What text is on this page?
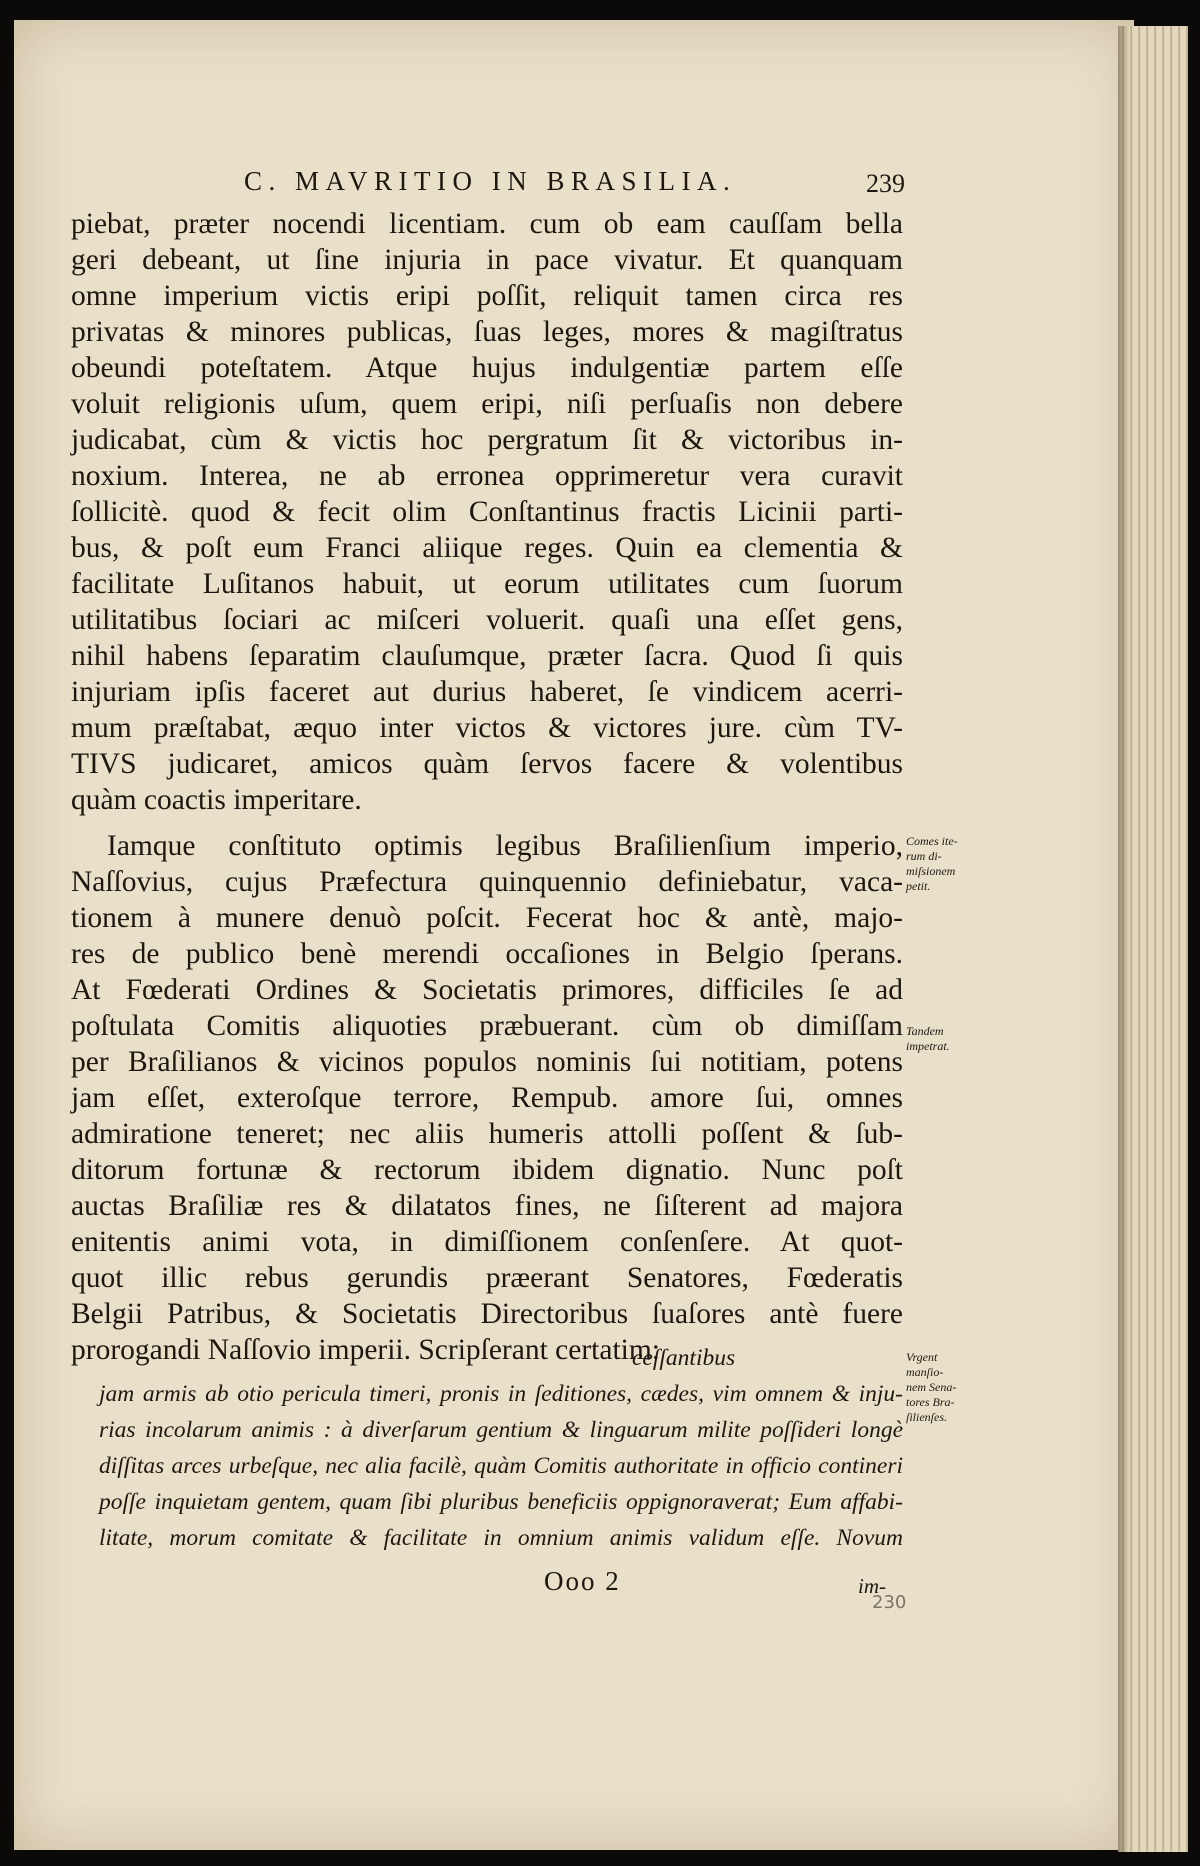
C. MAVRITIO IN BRASILIA.	239
piebat, præter nocendi licentiam. cum ob eam cauſſam bella
geri debeant, ut ſine injuria in pace vivatur. Et quanquam
omne imperium victis eripi poſſit, reliquit tamen circa res
privatas & minores publicas, ſuas leges, mores & magiſtratus
obeundi poteſtatem. Atque hujus indulgentiæ partem eſſe
voluit religionis uſum, quem eripi, niſi perſuaſis non debere
judicabat, cùm & victis hoc pergratum ſit & victoribus in-
noxium. Interea, ne ab erronea opprimeretur vera curavit
ſollicitè. quod & fecit olim Conſtantinus fractis Licinii parti-
bus, & poſt eum Franci aliique reges. Quin ea clementia &
facilitate Luſitanos habuit, ut eorum utilitates cum ſuorum
utilitatibus ſociari ac miſceri voluerit. quaſi una eſſet gens,
nihil habens ſeparatim clauſumque, præter ſacra. Quod ſi quis
injuriam ipſis faceret aut durius haberet, ſe vindicem acerri-
mum præſtabat, æquo inter victos & victores jure. cùm TV-
TIVS judicaret, amicos quàm ſervos facere & volentibus
quàm coactis imperitare.
Iamque conſtituto optimis legibus Braſilienſium imperio,
Naſſovius, cujus Præfectura quinquennio definiebatur, vaca-
tionem à munere denuò poſcit. Fecerat hoc & antè, majo-
res de publico benè merendi occaſiones in Belgio ſperans.
At Fœderati Ordines & Societatis primores, difficiles ſe ad
poſtulata Comitis aliquoties præbuerant. cùm ob dimiſſam
per Braſilianos & vicinos populos nominis ſui notitiam, potens
jam eſſet, exteroſque terrore, Rempub. amore ſui, omnes
admiratione teneret; nec aliis humeris attolli poſſent & ſub-
ditorum fortunæ & rectorum ibidem dignatio. Nunc poſt
auctas Braſiliæ res & dilatatos fines, ne ſiſterent ad majora
enitentis animi vota, in dimiſſionem conſenſere. At quot-
quot illic rebus gerundis præerant Senatores, Fœderatis
Belgii Patribus, & Societatis Directoribus ſuaſores antè fuere
prorogandi Naſſovio imperii. Scripſerant certatim:
ceſſantibus
jam armis ab otio pericula timeri, pronis in ſeditiones, cædes, vim omnem & inju-
rias incolarum animis : à diverſarum gentium & linguarum milite poſſideri longè
diſſitas arces urbeſque, nec alia facilè, quàm Comitis authoritate in officio contineri
poſſe inquietam gentem, quam ſibi pluribus beneficiis oppignoraverat; Eum affabi-
litate, morum comitate & facilitate in omnium animis validum eſſe. Novum
Comes ite-
rum di-
miſsionem
petit.
Tandem
impetrat.
Vrgent
manſio-
nem Sena-
tores Bra-
ſilienſes.
Ooo 2	im-
230
